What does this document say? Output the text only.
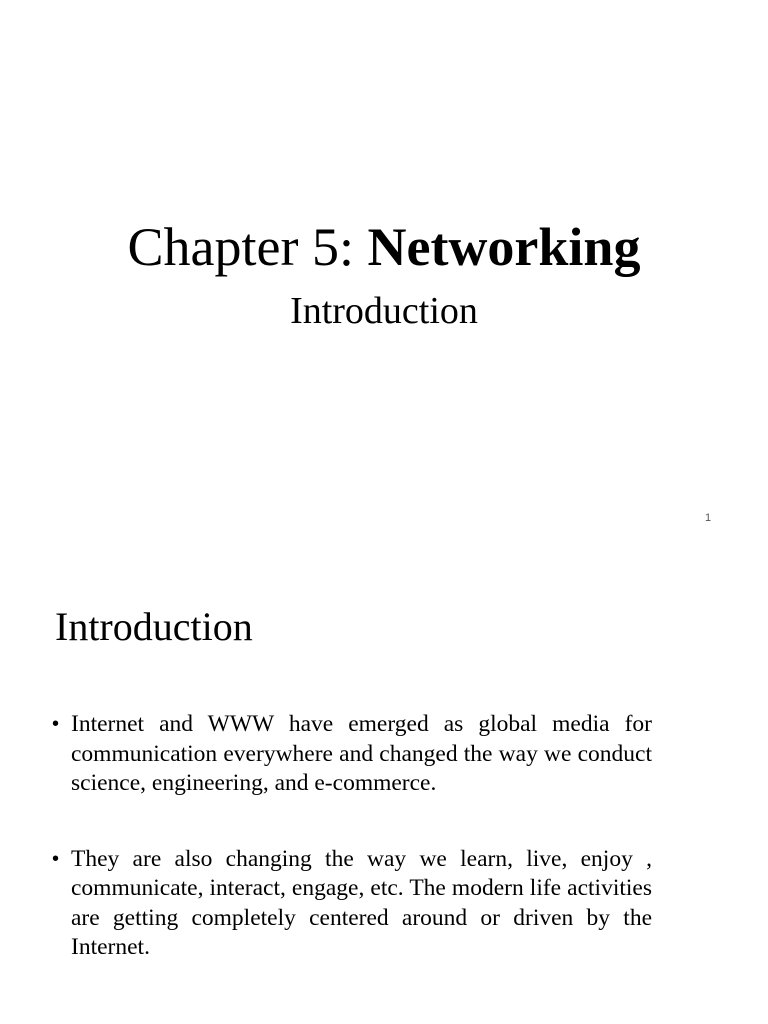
Chapter 5: Networking
Introduction
1
Introduction
• Internet and WWW have emerged as global media for communication everywhere and changed the way we conduct science, engineering, and e-commerce.
• They are also changing the way we learn, live, enjoy , communicate, interact, engage, etc. The modern life activities are getting completely centered around or driven by the Internet.
